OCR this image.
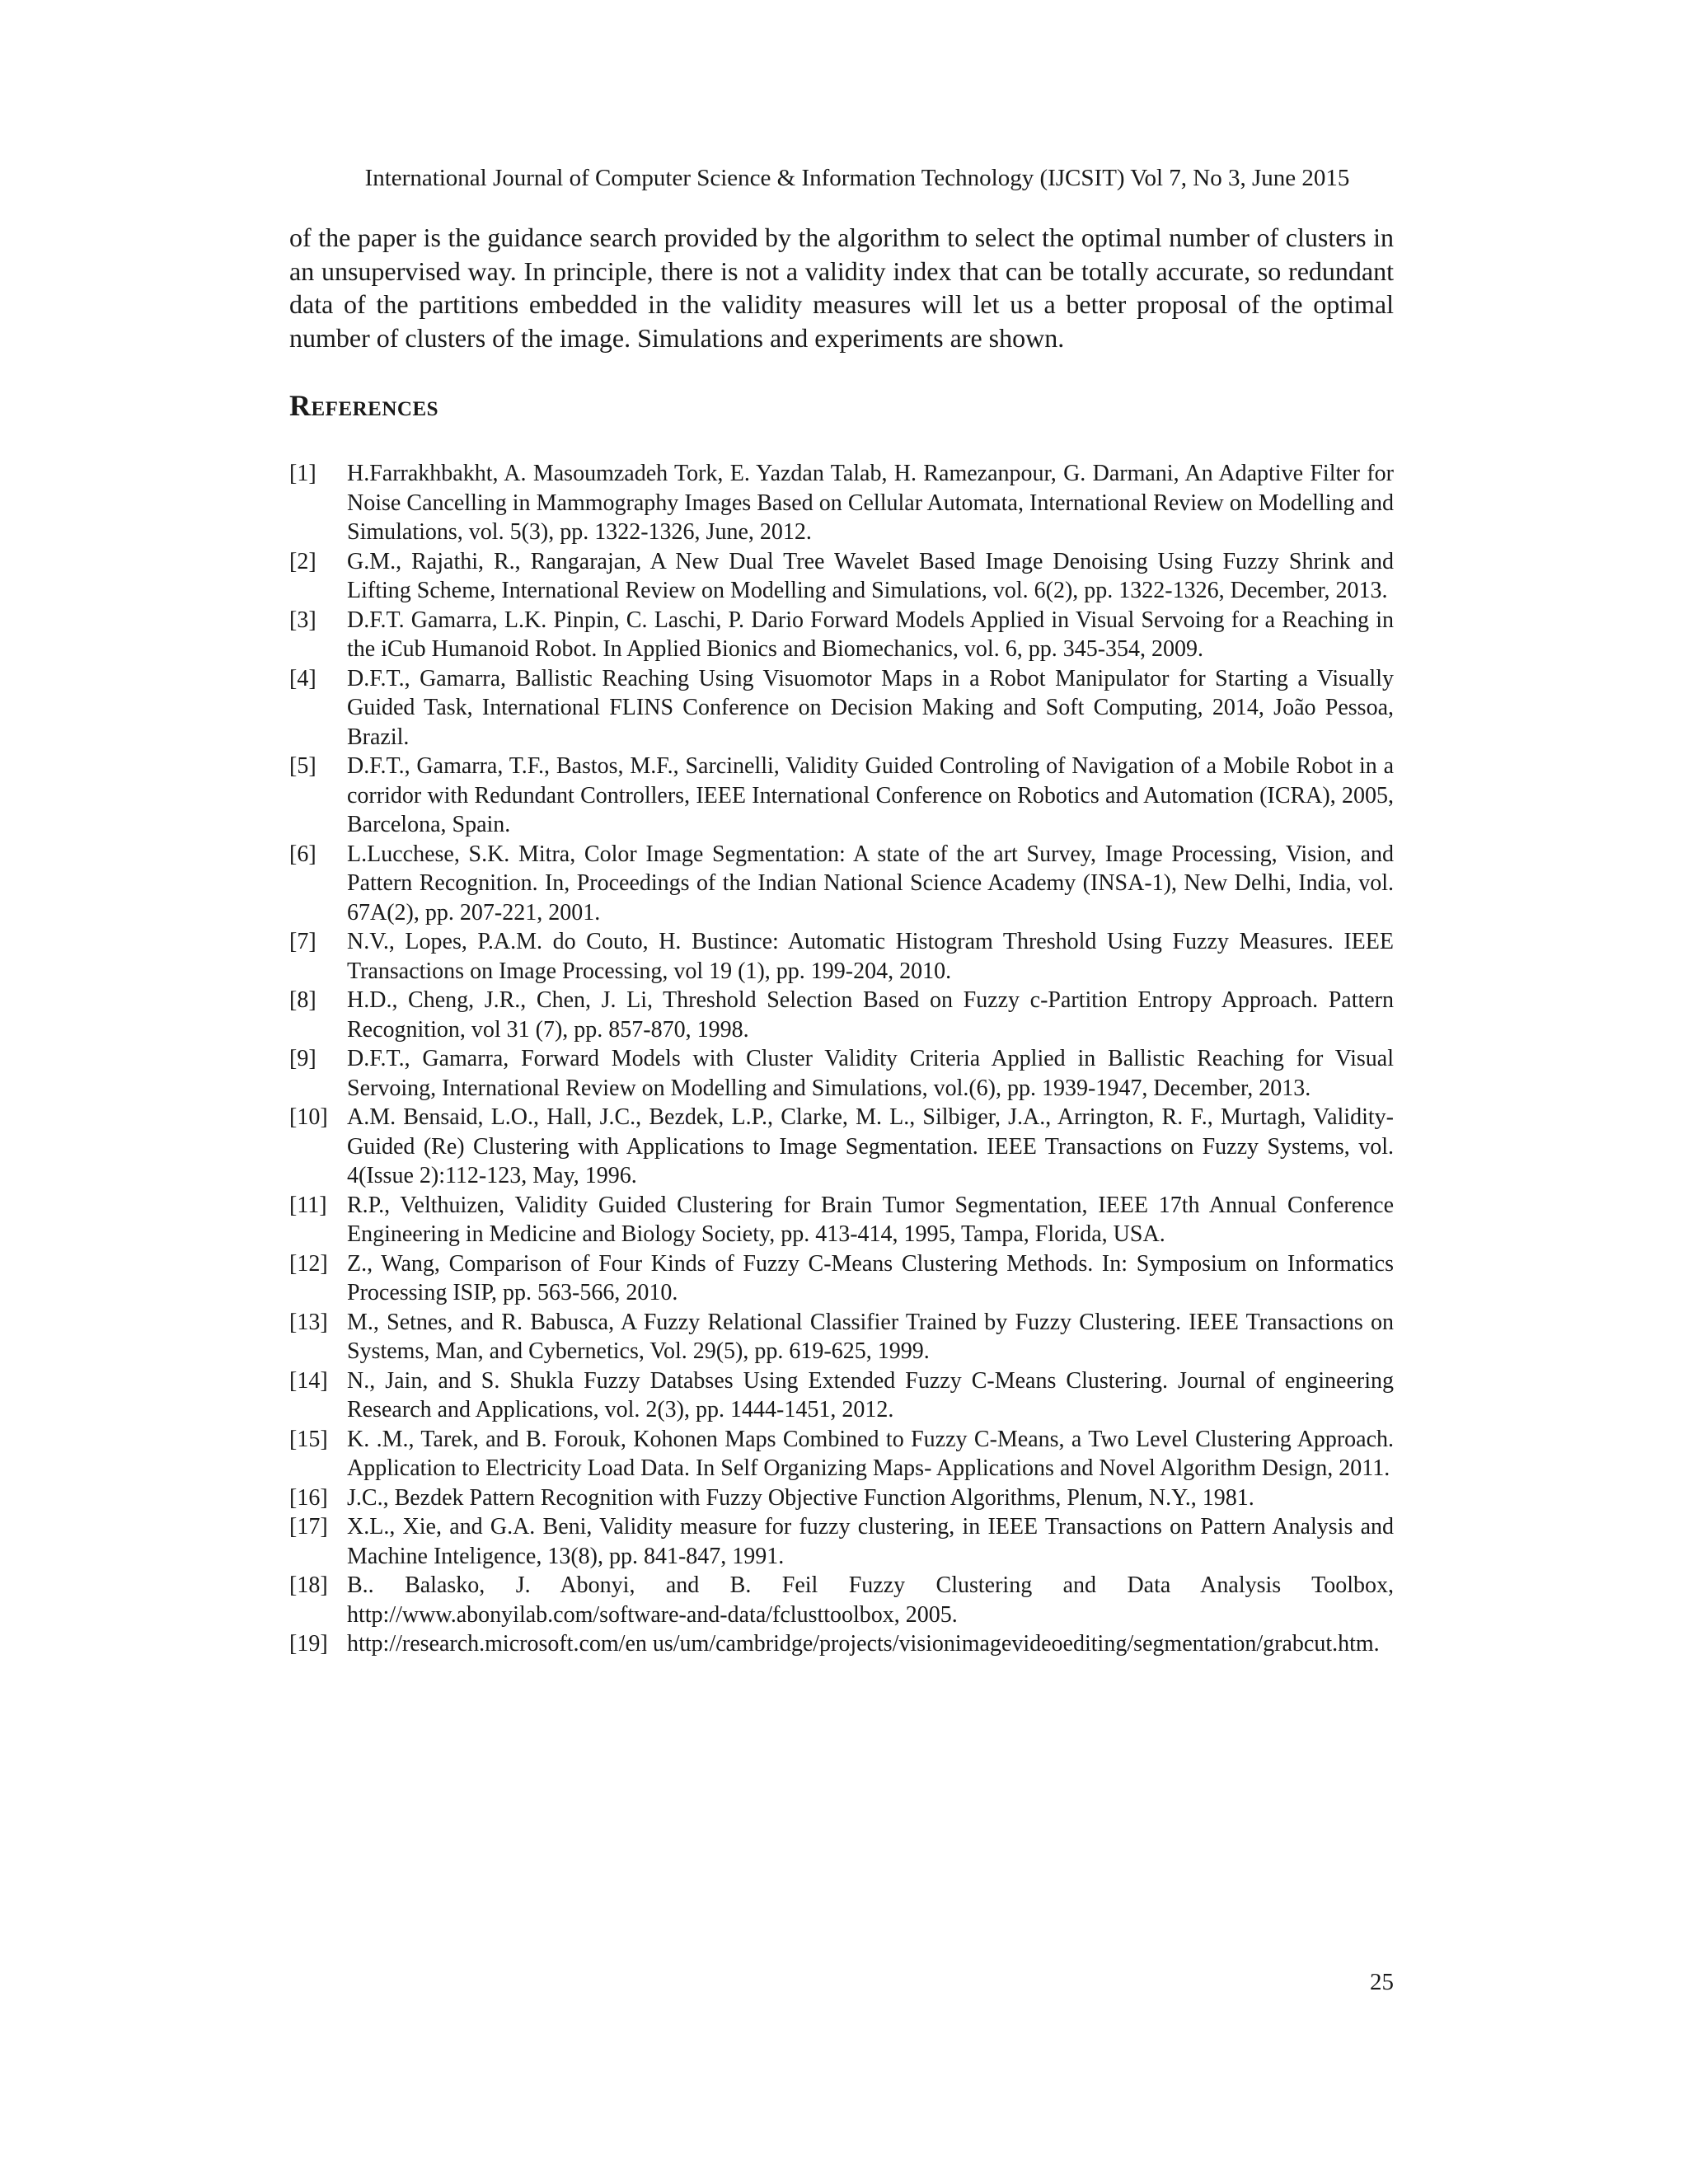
International Journal of Computer Science & Information Technology (IJCSIT) Vol 7, No 3, June 2015

of the paper is the guidance search provided by the algorithm to select the optimal number of clusters in an unsupervised way. In principle, there is not a validity index that can be totally accurate, so redundant data of the partitions embedded in the validity measures will let us a better proposal of the optimal number of clusters of the image. Simulations and experiments are shown.

References
[1] H.Farrakhbakht, A. Masoumzadeh Tork, E. Yazdan Talab, H. Ramezanpour, G. Darmani, An Adaptive Filter for Noise Cancelling in Mammography Images Based on Cellular Automata, International Review on Modelling and Simulations, vol. 5(3), pp. 1322-1326, June, 2012.
[2] G.M., Rajathi, R., Rangarajan, A New Dual Tree Wavelet Based Image Denoising Using Fuzzy Shrink and Lifting Scheme, International Review on Modelling and Simulations, vol. 6(2), pp. 1322-1326, December, 2013.
[3] D.F.T. Gamarra, L.K. Pinpin, C. Laschi, P. Dario Forward Models Applied in Visual Servoing for a Reaching in the iCub Humanoid Robot. In Applied Bionics and Biomechanics, vol. 6, pp. 345-354, 2009.
[4] D.F.T., Gamarra, Ballistic Reaching Using Visuomotor Maps in a Robot Manipulator for Starting a Visually Guided Task, International FLINS Conference on Decision Making and Soft Computing, 2014, João Pessoa, Brazil.
[5] D.F.T., Gamarra, T.F., Bastos, M.F., Sarcinelli, Validity Guided Controling of Navigation of a Mobile Robot in a corridor with Redundant Controllers, IEEE International Conference on Robotics and Automation (ICRA), 2005, Barcelona, Spain.
[6] L.Lucchese, S.K. Mitra, Color Image Segmentation: A state of the art Survey, Image Processing, Vision, and Pattern Recognition. In, Proceedings of the Indian National Science Academy (INSA-1), New Delhi, India, vol. 67A(2), pp. 207-221, 2001.
[7] N.V., Lopes, P.A.M. do Couto, H. Bustince: Automatic Histogram Threshold Using Fuzzy Measures. IEEE Transactions on Image Processing, vol 19 (1), pp. 199-204, 2010.
[8] H.D., Cheng, J.R., Chen, J. Li, Threshold Selection Based on Fuzzy c-Partition Entropy Approach. Pattern Recognition, vol 31 (7), pp. 857-870, 1998.
[9] D.F.T., Gamarra, Forward Models with Cluster Validity Criteria Applied in Ballistic Reaching for Visual Servoing, International Review on Modelling and Simulations, vol.(6), pp. 1939-1947, December, 2013.
[10] A.M. Bensaid, L.O., Hall, J.C., Bezdek, L.P., Clarke, M. L., Silbiger, J.A., Arrington, R. F., Murtagh, Validity-Guided (Re) Clustering with Applications to Image Segmentation. IEEE Transactions on Fuzzy Systems, vol. 4(Issue 2):112-123, May, 1996.
[11] R.P., Velthuizen, Validity Guided Clustering for Brain Tumor Segmentation, IEEE 17th Annual Conference Engineering in Medicine and Biology Society, pp. 413-414, 1995, Tampa, Florida, USA.
[12] Z., Wang, Comparison of Four Kinds of Fuzzy C-Means Clustering Methods. In: Symposium on Informatics Processing ISIP, pp. 563-566, 2010.
[13] M., Setnes, and R. Babusca, A Fuzzy Relational Classifier Trained by Fuzzy Clustering. IEEE Transactions on Systems, Man, and Cybernetics, Vol. 29(5), pp. 619-625, 1999.
[14] N., Jain, and S. Shukla Fuzzy Databses Using Extended Fuzzy C-Means Clustering. Journal of engineering Research and Applications, vol. 2(3), pp. 1444-1451, 2012.
[15] K. .M., Tarek, and B. Forouk, Kohonen Maps Combined to Fuzzy C-Means, a Two Level Clustering Approach. Application to Electricity Load Data. In Self Organizing Maps- Applications and Novel Algorithm Design, 2011.
[16] J.C., Bezdek Pattern Recognition with Fuzzy Objective Function Algorithms, Plenum, N.Y., 1981.
[17] X.L., Xie, and G.A. Beni, Validity measure for fuzzy clustering, in IEEE Transactions on Pattern Analysis and Machine Inteligence, 13(8), pp. 841-847, 1991.
[18] B.. Balasko, J. Abonyi, and B. Feil Fuzzy Clustering and Data Analysis Toolbox, http://www.abonyilab.com/software-and-data/fclusttoolbox, 2005.
[19] http://research.microsoft.com/en us/um/cambridge/projects/visionimagevideoediting/segmentation/grabcut.htm.
25
